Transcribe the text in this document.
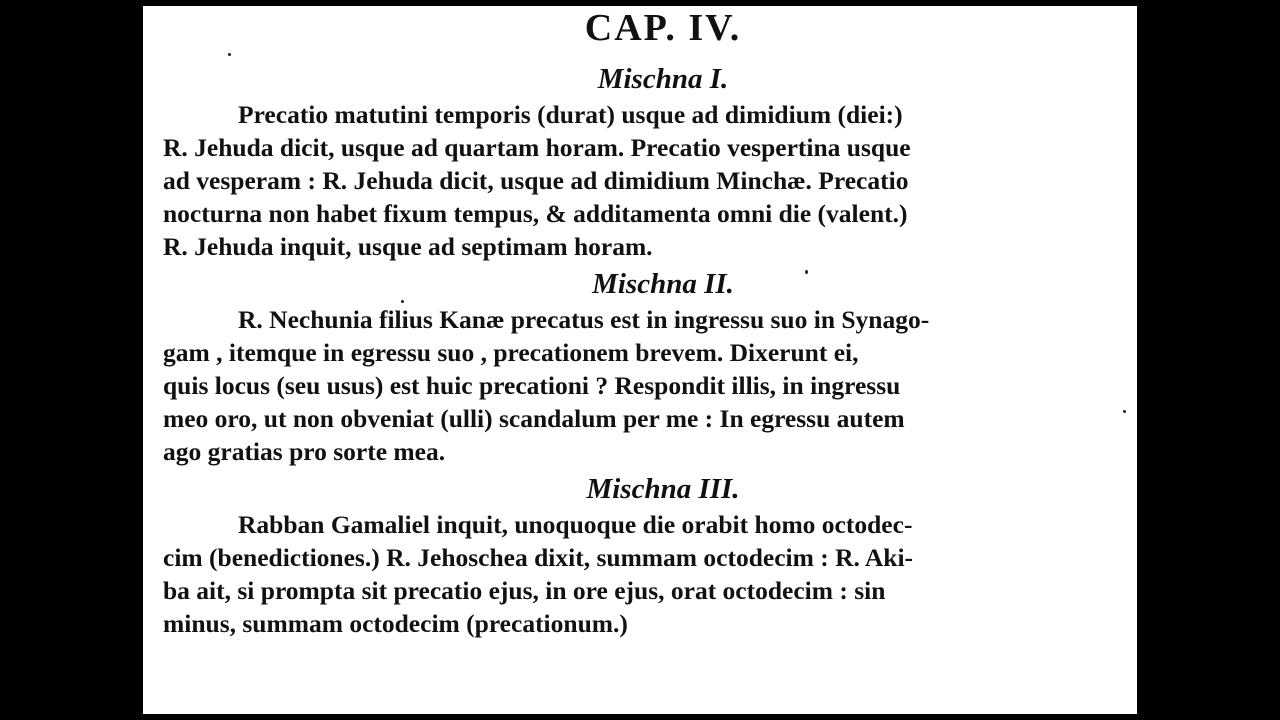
CAP. IV.
Mischna I.
Precatio matutini temporis (durat) usque ad dimidium (diei:)
R. Jehuda dicit, usque ad quartam horam. Precatio vespertina usque
ad vesperam : R. Jehuda dicit, usque ad dimidium Minchæ. Precatio
nocturna non habet fixum tempus, & additamenta omni die (valent.)
R. Jehuda inquit, usque ad septimam horam.
Mischna II.
R. Nechunia filius Kanæ precatus est in ingressu suo in Synago-
gam , itemque in egressu suo , precationem brevem. Dixerunt ei,
quis locus (seu usus) est huic precationi ? Respondit illis, in ingressu
meo oro, ut non obveniat (ulli) scandalum per me : In egressu autem
ago gratias pro sorte mea.
Mischna III.
Rabban Gamaliel inquit, unoquoque die orabit homo octodec-
cim (benedictiones.) R. Jehoschea dixit, summam octodecim : R. Aki-
ba ait, si prompta sit precatio ejus, in ore ejus, orat octodecim : sin
minus, summam octodecim (precationum.)
